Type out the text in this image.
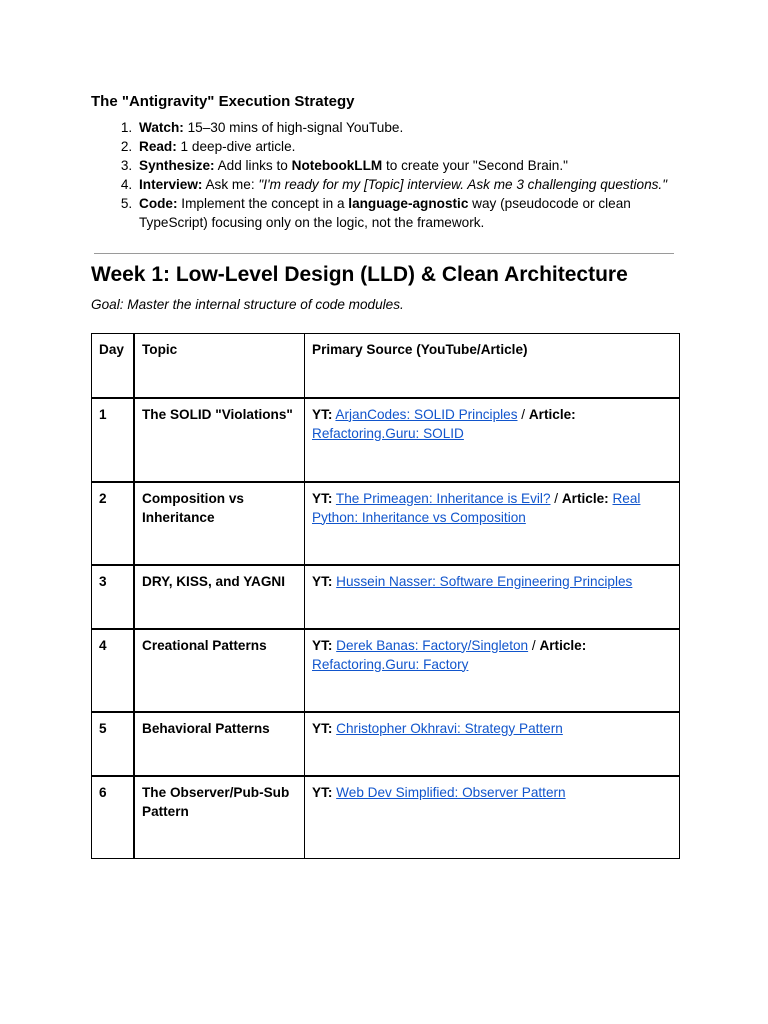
The "Antigravity" Execution Strategy
1. Watch: 15–30 mins of high-signal YouTube.
2. Read: 1 deep-dive article.
3. Synthesize: Add links to NotebookLLM to create your "Second Brain."
4. Interview: Ask me: "I'm ready for my [Topic] interview. Ask me 3 challenging questions."
5. Code: Implement the concept in a language-agnostic way (pseudocode or clean TypeScript) focusing only on the logic, not the framework.
Week 1: Low-Level Design (LLD) & Clean Architecture

Goal: Master the internal structure of code modules.

Day	Topic	Primary Source (YouTube/Article)
1	The SOLID "Violations"	YT: ArjanCodes: SOLID Principles / Article: Refactoring.Guru: SOLID
2	Composition vs Inheritance	YT: The Primeagen: Inheritance is Evil? / Article: Real Python: Inheritance vs Composition
3	DRY, KISS, and YAGNI	YT: Hussein Nasser: Software Engineering Principles
4	Creational Patterns	YT: Derek Banas: Factory/Singleton / Article: Refactoring.Guru: Factory
5	Behavioral Patterns	YT: Christopher Okhravi: Strategy Pattern
6	The Observer/Pub-Sub Pattern	YT: Web Dev Simplified: Observer Pattern
